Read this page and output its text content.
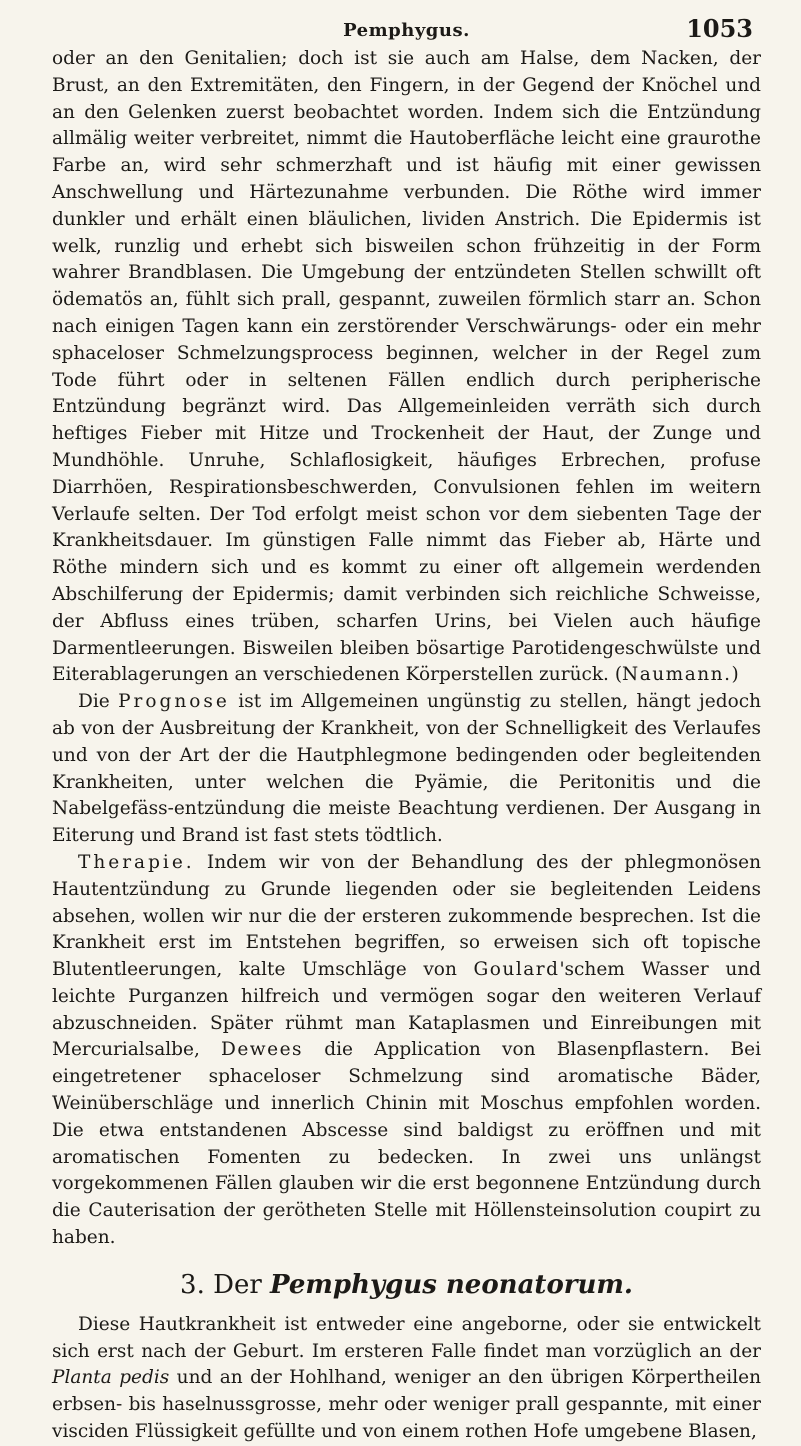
Pemphygus.	1053

oder an den Genitalien; doch ist sie auch am Halse, dem Nacken, der Brust, an den Extremitäten, den Fingern, in der Gegend der Knöchel und an den Gelenken zuerst beobachtet worden. Indem sich die Entzündung allmälig weiter verbreitet, nimmt die Hautoberfläche leicht eine graurothe Farbe an, wird sehr schmerzhaft und ist häufig mit einer gewissen Anschwellung und Härtezunahme verbunden. Die Röthe wird immer dunkler und erhält einen bläulichen, lividen Anstrich. Die Epidermis ist welk, runzlig und erhebt sich bisweilen schon frühzeitig in der Form wahrer Brandblasen. Die Umgebung der entzündeten Stellen schwillt oft ödematös an, fühlt sich prall, gespannt, zuweilen förmlich starr an. Schon nach einigen Tagen kann ein zerstörender Verschwärungs- oder ein mehr sphaceloser Schmelzungsprocess beginnen, welcher in der Regel zum Tode führt oder in seltenen Fällen endlich durch peripherische Entzündung begränzt wird. Das Allgemeinleiden verräth sich durch heftiges Fieber mit Hitze und Trockenheit der Haut, der Zunge und Mundhöhle. Unruhe, Schlaflosigkeit, häufiges Erbrechen, profuse Diarrhöen, Respirationsbeschwerden, Convulsionen fehlen im weitern Verlaufe selten. Der Tod erfolgt meist schon vor dem siebenten Tage der Krankheitsdauer. Im günstigen Falle nimmt das Fieber ab, Härte und Röthe mindern sich und es kommt zu einer oft allgemein werdenden Abschilferung der Epidermis; damit verbinden sich reichliche Schweisse, der Abfluss eines trüben, scharfen Urins, bei Vielen auch häufige Darmentleerungen. Bisweilen bleiben bösartige Parotidengeschwülste und Eiterablagerungen an verschiedenen Körperstellen zurück. (Naumann.)

Die Prognose ist im Allgemeinen ungünstig zu stellen, hängt jedoch ab von der Ausbreitung der Krankheit, von der Schnelligkeit des Verlaufes und von der Art der die Hautphlegmone bedingenden oder begleitenden Krankheiten, unter welchen die Pyämie, die Peritonitis und die Nabelgefäss-entzündung die meiste Beachtung verdienen. Der Ausgang in Eiterung und Brand ist fast stets tödtlich.

Therapie. Indem wir von der Behandlung des der phlegmonösen Hautentzündung zu Grunde liegenden oder sie begleitenden Leidens absehen, wollen wir nur die der ersteren zukommende besprechen. Ist die Krankheit erst im Entstehen begriffen, so erweisen sich oft topische Blutentleerungen, kalte Umschläge von Goulard'schem Wasser und leichte Purganzen hilfreich und vermögen sogar den weiteren Verlauf abzuschneiden. Später rühmt man Kataplasmen und Einreibungen mit Mercurialsalbe, Dewees die Application von Blasenpflastern. Bei eingetretener sphaceloser Schmelzung sind aromatische Bäder, Weinüberschläge und innerlich Chinin mit Moschus empfohlen worden. Die etwa entstandenen Abscesse sind baldigst zu eröffnen und mit aromatischen Fomenten zu bedecken. In zwei uns unlängst vorgekommenen Fällen glauben wir die erst begonnene Entzündung durch die Cauterisation der gerötheten Stelle mit Höllensteinsolution coupirt zu haben.

3. Der Pemphygus neonatorum.

Diese Hautkrankheit ist entweder eine angeborne, oder sie entwickelt sich erst nach der Geburt. Im ersteren Falle findet man vorzüglich an der Planta pedis und an der Hohlhand, weniger an den übrigen Körpertheilen erbsen- bis haselnussgrosse, mehr oder weniger prall gespannte, mit einer visciden Flüssigkeit gefüllte und von einem rothen Hofe umgebene Blasen,
